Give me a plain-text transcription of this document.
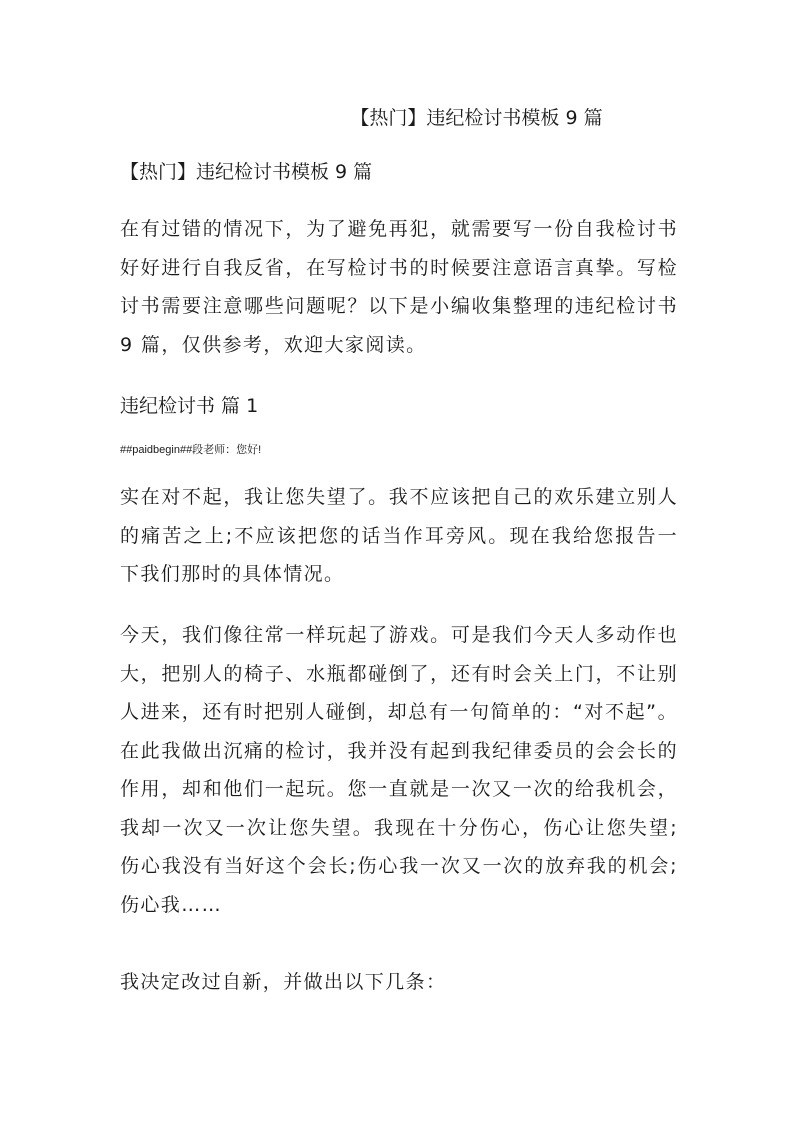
【热门】违纪检讨书模板 9 篇

【热门】违纪检讨书模板 9 篇

在有过错的情况下，为了避免再犯，就需要写一份自我检讨书好好进行自我反省，在写检讨书的时候要注意语言真挚。写检讨书需要注意哪些问题呢？以下是小编收集整理的违纪检讨书 9 篇，仅供参考，欢迎大家阅读。

违纪检讨书 篇 1

##paidbegin##段老师：您好!

实在对不起，我让您失望了。我不应该把自己的欢乐建立别人的痛苦之上;不应该把您的话当作耳旁风。现在我给您报告一下我们那时的具体情况。

今天，我们像往常一样玩起了游戏。可是我们今天人多动作也大，把别人的椅子、水瓶都碰倒了，还有时会关上门，不让别人进来，还有时把别人碰倒，却总有一句简单的：“对不起”。在此我做出沉痛的检讨，我并没有起到我纪律委员的会会长的作用，却和他们一起玩。您一直就是一次又一次的给我机会，我却一次又一次让您失望。我现在十分伤心，伤心让您失望;伤心我没有当好这个会长;伤心我一次又一次的放弃我的机会;伤心我……

我决定改过自新，并做出以下几条：
